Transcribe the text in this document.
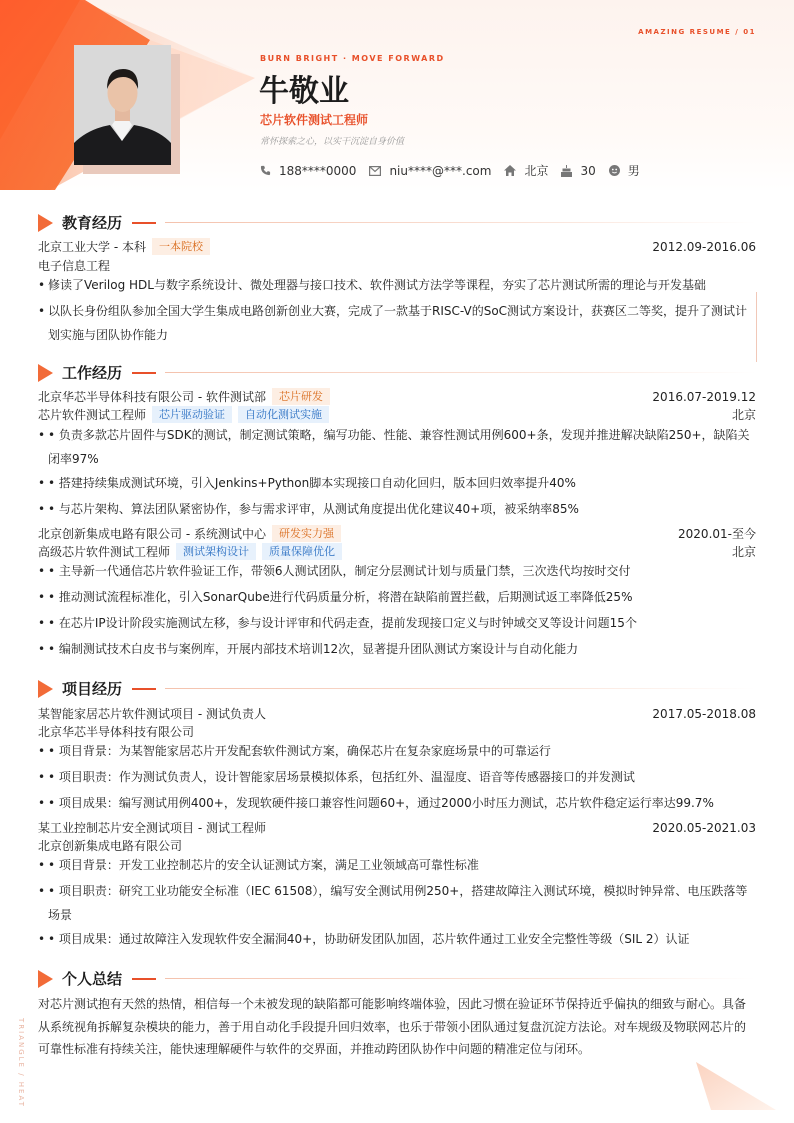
AMAZING RESUME / 01
BURN BRIGHT · MOVE FORWARD
牛敬业
芯片软件测试工程师
常怀探索之心，以实干沉淀自身价值
188****0000	niu****@***.com	北京	30	男
教育经历
北京工业大学 - 本科	一本院校	2012.09-2016.06
电子信息工程
• 修读了Verilog HDL与数字系统设计、微处理器与接口技术、软件测试方法学等课程，夯实了芯片测试所需的理论与开发基础
• 以队长身份组队参加全国大学生集成电路创新创业大赛，完成了一款基于RISC-V的SoC测试方案设计，获赛区二等奖，提升了测试计划实施与团队协作能力
工作经历
北京华芯半导体科技有限公司 - 软件测试部	芯片研发	2016.07-2019.12
芯片软件测试工程师	芯片驱动验证	自动化测试实施	北京
• • 负责多款芯片固件与SDK的测试，制定测试策略，编写功能、性能、兼容性测试用例600+条，发现并推进解决缺陷250+，缺陷关闭率97%
• • 搭建持续集成测试环境，引入Jenkins+Python脚本实现接口自动化回归，版本回归效率提升40%
• • 与芯片架构、算法团队紧密协作，参与需求评审，从测试角度提出优化建议40+项，被采纳率85%
北京创新集成电路有限公司 - 系统测试中心	研发实力强	2020.01-至今
高级芯片软件测试工程师	测试架构设计	质量保障优化	北京
• • 主导新一代通信芯片软件验证工作，带领6人测试团队，制定分层测试计划与质量门禁，三次迭代均按时交付
• • 推动测试流程标准化，引入SonarQube进行代码质量分析，将潜在缺陷前置拦截，后期测试返工率降低25%
• • 在芯片IP设计阶段实施测试左移，参与设计评审和代码走查，提前发现接口定义与时钟域交叉等设计问题15个
• • 编制测试技术白皮书与案例库，开展内部技术培训12次，显著提升团队测试方案设计与自动化能力
项目经历
某智能家居芯片软件测试项目 - 测试负责人	2017.05-2018.08
北京华芯半导体科技有限公司
• • 项目背景：为某智能家居芯片开发配套软件测试方案，确保芯片在复杂家庭场景中的可靠运行
• • 项目职责：作为测试负责人，设计智能家居场景模拟体系，包括红外、温湿度、语音等传感器接口的并发测试
• • 项目成果：编写测试用例400+，发现软硬件接口兼容性问题60+，通过2000小时压力测试，芯片软件稳定运行率达99.7%
某工业控制芯片安全测试项目 - 测试工程师	2020.05-2021.03
北京创新集成电路有限公司
• • 项目背景：开发工业控制芯片的安全认证测试方案，满足工业领域高可靠性标准
• • 项目职责：研究工业功能安全标准（IEC 61508），编写安全测试用例250+，搭建故障注入测试环境，模拟时钟异常、电压跌落等场景
• • 项目成果：通过故障注入发现软件安全漏洞40+，协助研发团队加固，芯片软件通过工业安全完整性等级（SIL 2）认证
个人总结
对芯片测试抱有天然的热情，相信每一个未被发现的缺陷都可能影响终端体验，因此习惯在验证环节保持近乎偏执的细致与耐心。具备从系统视角拆解复杂模块的能力，善于用自动化手段提升回归效率，也乐于带领小团队通过复盘沉淀方法论。对车规级及物联网芯片的可靠性标准有持续关注，能快速理解硬件与软件的交界面，并推动跨团队协作中问题的精准定位与闭环。
TRIANGLE / HEAT
